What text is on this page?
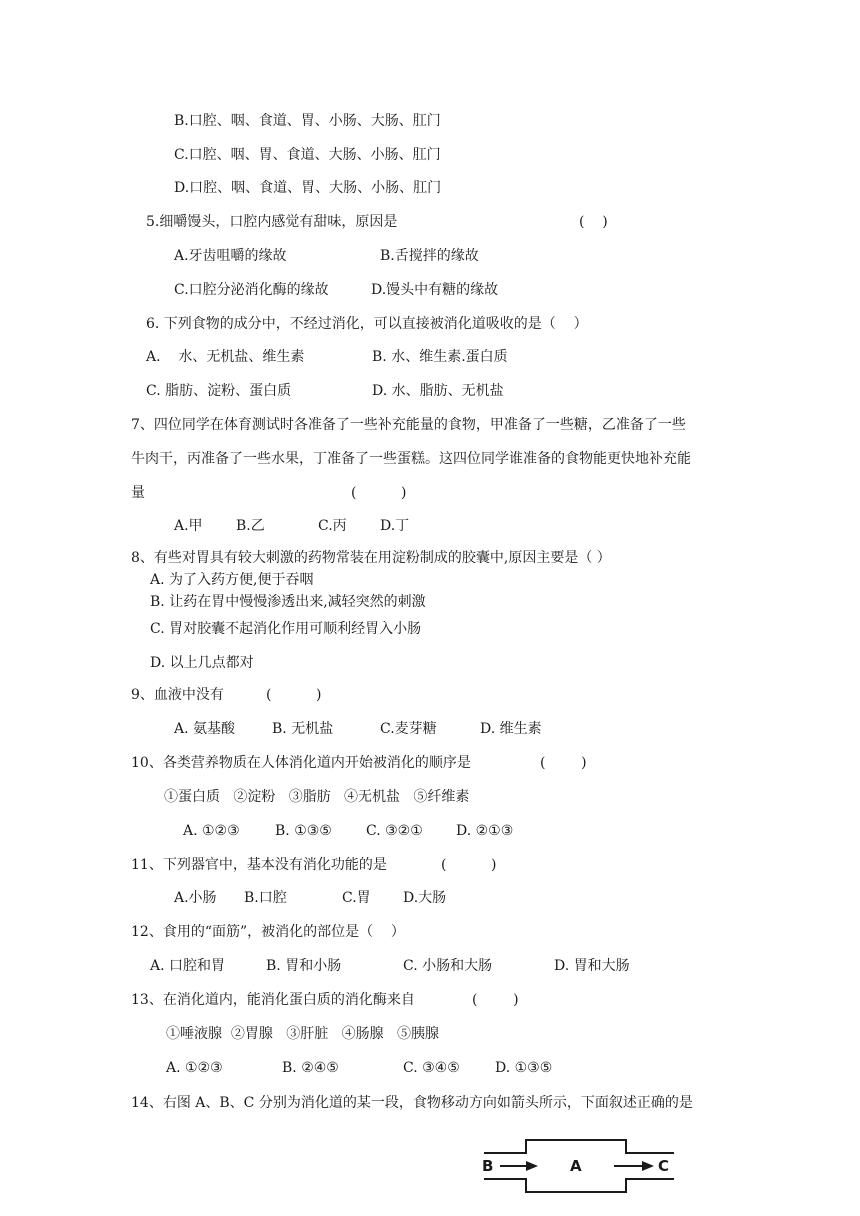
B.口腔、咽、食道、胃、小肠、大肠、肛门
C.口腔、咽、胃、食道、大肠、小肠、肛门
D.口腔、咽、食道、胃、大肠、小肠、肛门
5.细嚼馒头，口腔内感觉有甜味，原因是	(    )
A.牙齿咀嚼的缘故	B.舌搅拌的缘故
C.口腔分泌消化酶的缘故	D.馒头中有糖的缘故
6. 下列食物的成分中，不经过消化，可以直接被消化道吸收的是（    ）
A.    水、无机盐、维生素	B. 水、维生素.蛋白质
C. 脂肪、淀粉、蛋白质	D. 水、脂肪、无机盐
7、四位同学在体育测试时各准备了一些补充能量的食物，甲准备了一些糖，乙准备了一些
牛肉干，丙准备了一些水果，丁准备了一些蛋糕。这四位同学谁准备的食物能更快地补充能
量	(          )
A.甲 B.乙	C.丙 D.丁
8、有些对胃具有较大刺激的药物常装在用淀粉制成的胶囊中,原因主要是（ ）
A. 为了入药方便,便于吞咽
B. 让药在胃中慢慢渗透出来,减轻突然的刺激
C. 胃对胶囊不起消化作用可顺利经胃入小肠
D. 以上几点都对
9、血液中没有	(          )
A. 氨基酸	B. 无机盐	C.麦芽糖	D. 维生素
10、各类营养物质在人体消化道内开始被消化的顺序是	(        )
①蛋白质   ②淀粉   ③脂肪   ④无机盐   ⑤纤维素
A. ①②③	B. ①③⑤ C. ③②① D. ②①③
11、下列器官中，基本没有消化功能的是	(          )
A.小肠 B.口腔	C.胃 D.大肠
12、食用的“面筋”，被消化的部位是（    ）
A. 口腔和胃	B. 胃和小肠	C. 小肠和大肠	D. 胃和大肠
13、在消化道内，能消化蛋白质的消化酶来自	(        )
①唾液腺  ②胃腺   ③肝脏   ④肠腺   ⑤胰腺
A. ①②③	B. ②④⑤	C. ③④⑤	D. ①③⑤
14、右图 A、B、C 分别为消化道的某一段，食物移动方向如箭头所示，下面叙述正确的是
B	A	C
